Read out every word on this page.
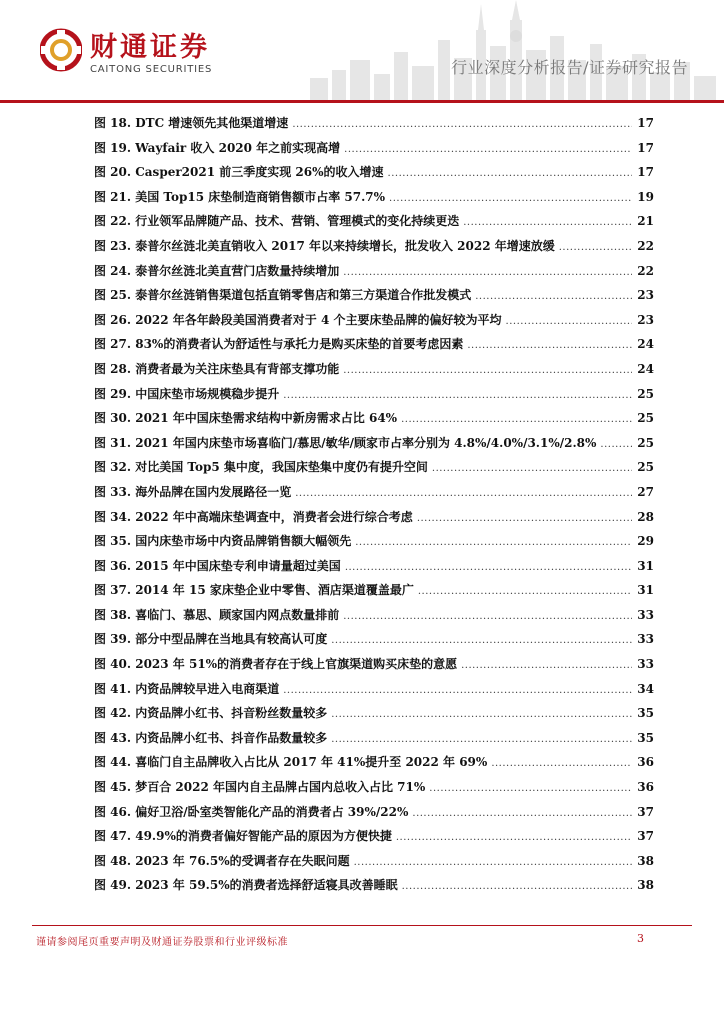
财通证券
CAITONG SECURITIES	行业深度分析报告/证券研究报告
图 18. DTC 增速领先其他渠道增速 .....	17
图 19. Wayfair 收入 2020 年之前实现高增 .....	17
图 20. Casper2021 前三季度实现 26%的收入增速 .....	17
图 21. 美国 Top15 床垫制造商销售额市占率 57.7% .....	19
图 22. 行业领军品牌随产品、技术、营销、管理模式的变化持续更迭 .....	21
图 23. 泰普尔丝涟北美直销收入 2017 年以来持续增长，批发收入 2022 年增速放缓 .....	22
图 24. 泰普尔丝涟北美直营门店数量持续增加 .....	22
图 25. 泰普尔丝涟销售渠道包括直销零售店和第三方渠道合作批发模式 .....	23
图 26. 2022 年各年龄段美国消费者对于 4 个主要床垫品牌的偏好较为平均 .....	23
图 27. 83%的消费者认为舒适性与承托力是购买床垫的首要考虑因素 .....	24
图 28. 消费者最为关注床垫具有背部支撑功能 .....	24
图 29. 中国床垫市场规模稳步提升 .....	25
图 30. 2021 年中国床垫需求结构中新房需求占比 64% .....	25
图 31. 2021 年国内床垫市场喜临门/慕思/敏华/顾家市占率分别为 4.8%/4.0%/3.1%/2.8% .....	25
图 32. 对比美国 Top5 集中度，我国床垫集中度仍有提升空间 .....	25
图 33. 海外品牌在国内发展路径一览 .....	27
图 34. 2022 年中高端床垫调查中，消费者会进行综合考虑 .....	28
图 35. 国内床垫市场中内资品牌销售额大幅领先 .....	29
图 36. 2015 年中国床垫专利申请量超过美国 .....	31
图 37. 2014 年 15 家床垫企业中零售、酒店渠道覆盖最广 .....	31
图 38. 喜临门、慕思、顾家国内网点数量排前 .....	33
图 39. 部分中型品牌在当地具有较高认可度 .....	33
图 40. 2023 年 51%的消费者存在于线上官旗渠道购买床垫的意愿 .....	33
图 41. 内资品牌较早进入电商渠道 .....	34
图 42. 内资品牌小红书、抖音粉丝数量较多 .....	35
图 43. 内资品牌小红书、抖音作品数量较多 .....	35
图 44. 喜临门自主品牌收入占比从 2017 年 41%提升至 2022 年 69% .....	36
图 45. 梦百合 2022 年国内自主品牌占国内总收入占比 71% .....	36
图 46. 偏好卫浴/卧室类智能化产品的消费者占 39%/22% .....	37
图 47. 49.9%的消费者偏好智能产品的原因为方便快捷 .....	37
图 48. 2023 年 76.5%的受调者存在失眠问题 .....	38
图 49. 2023 年 59.5%的消费者选择舒适寝具改善睡眠 .....	38
谨请参阅尾页重要声明及财通证券股票和行业评级标准	3
